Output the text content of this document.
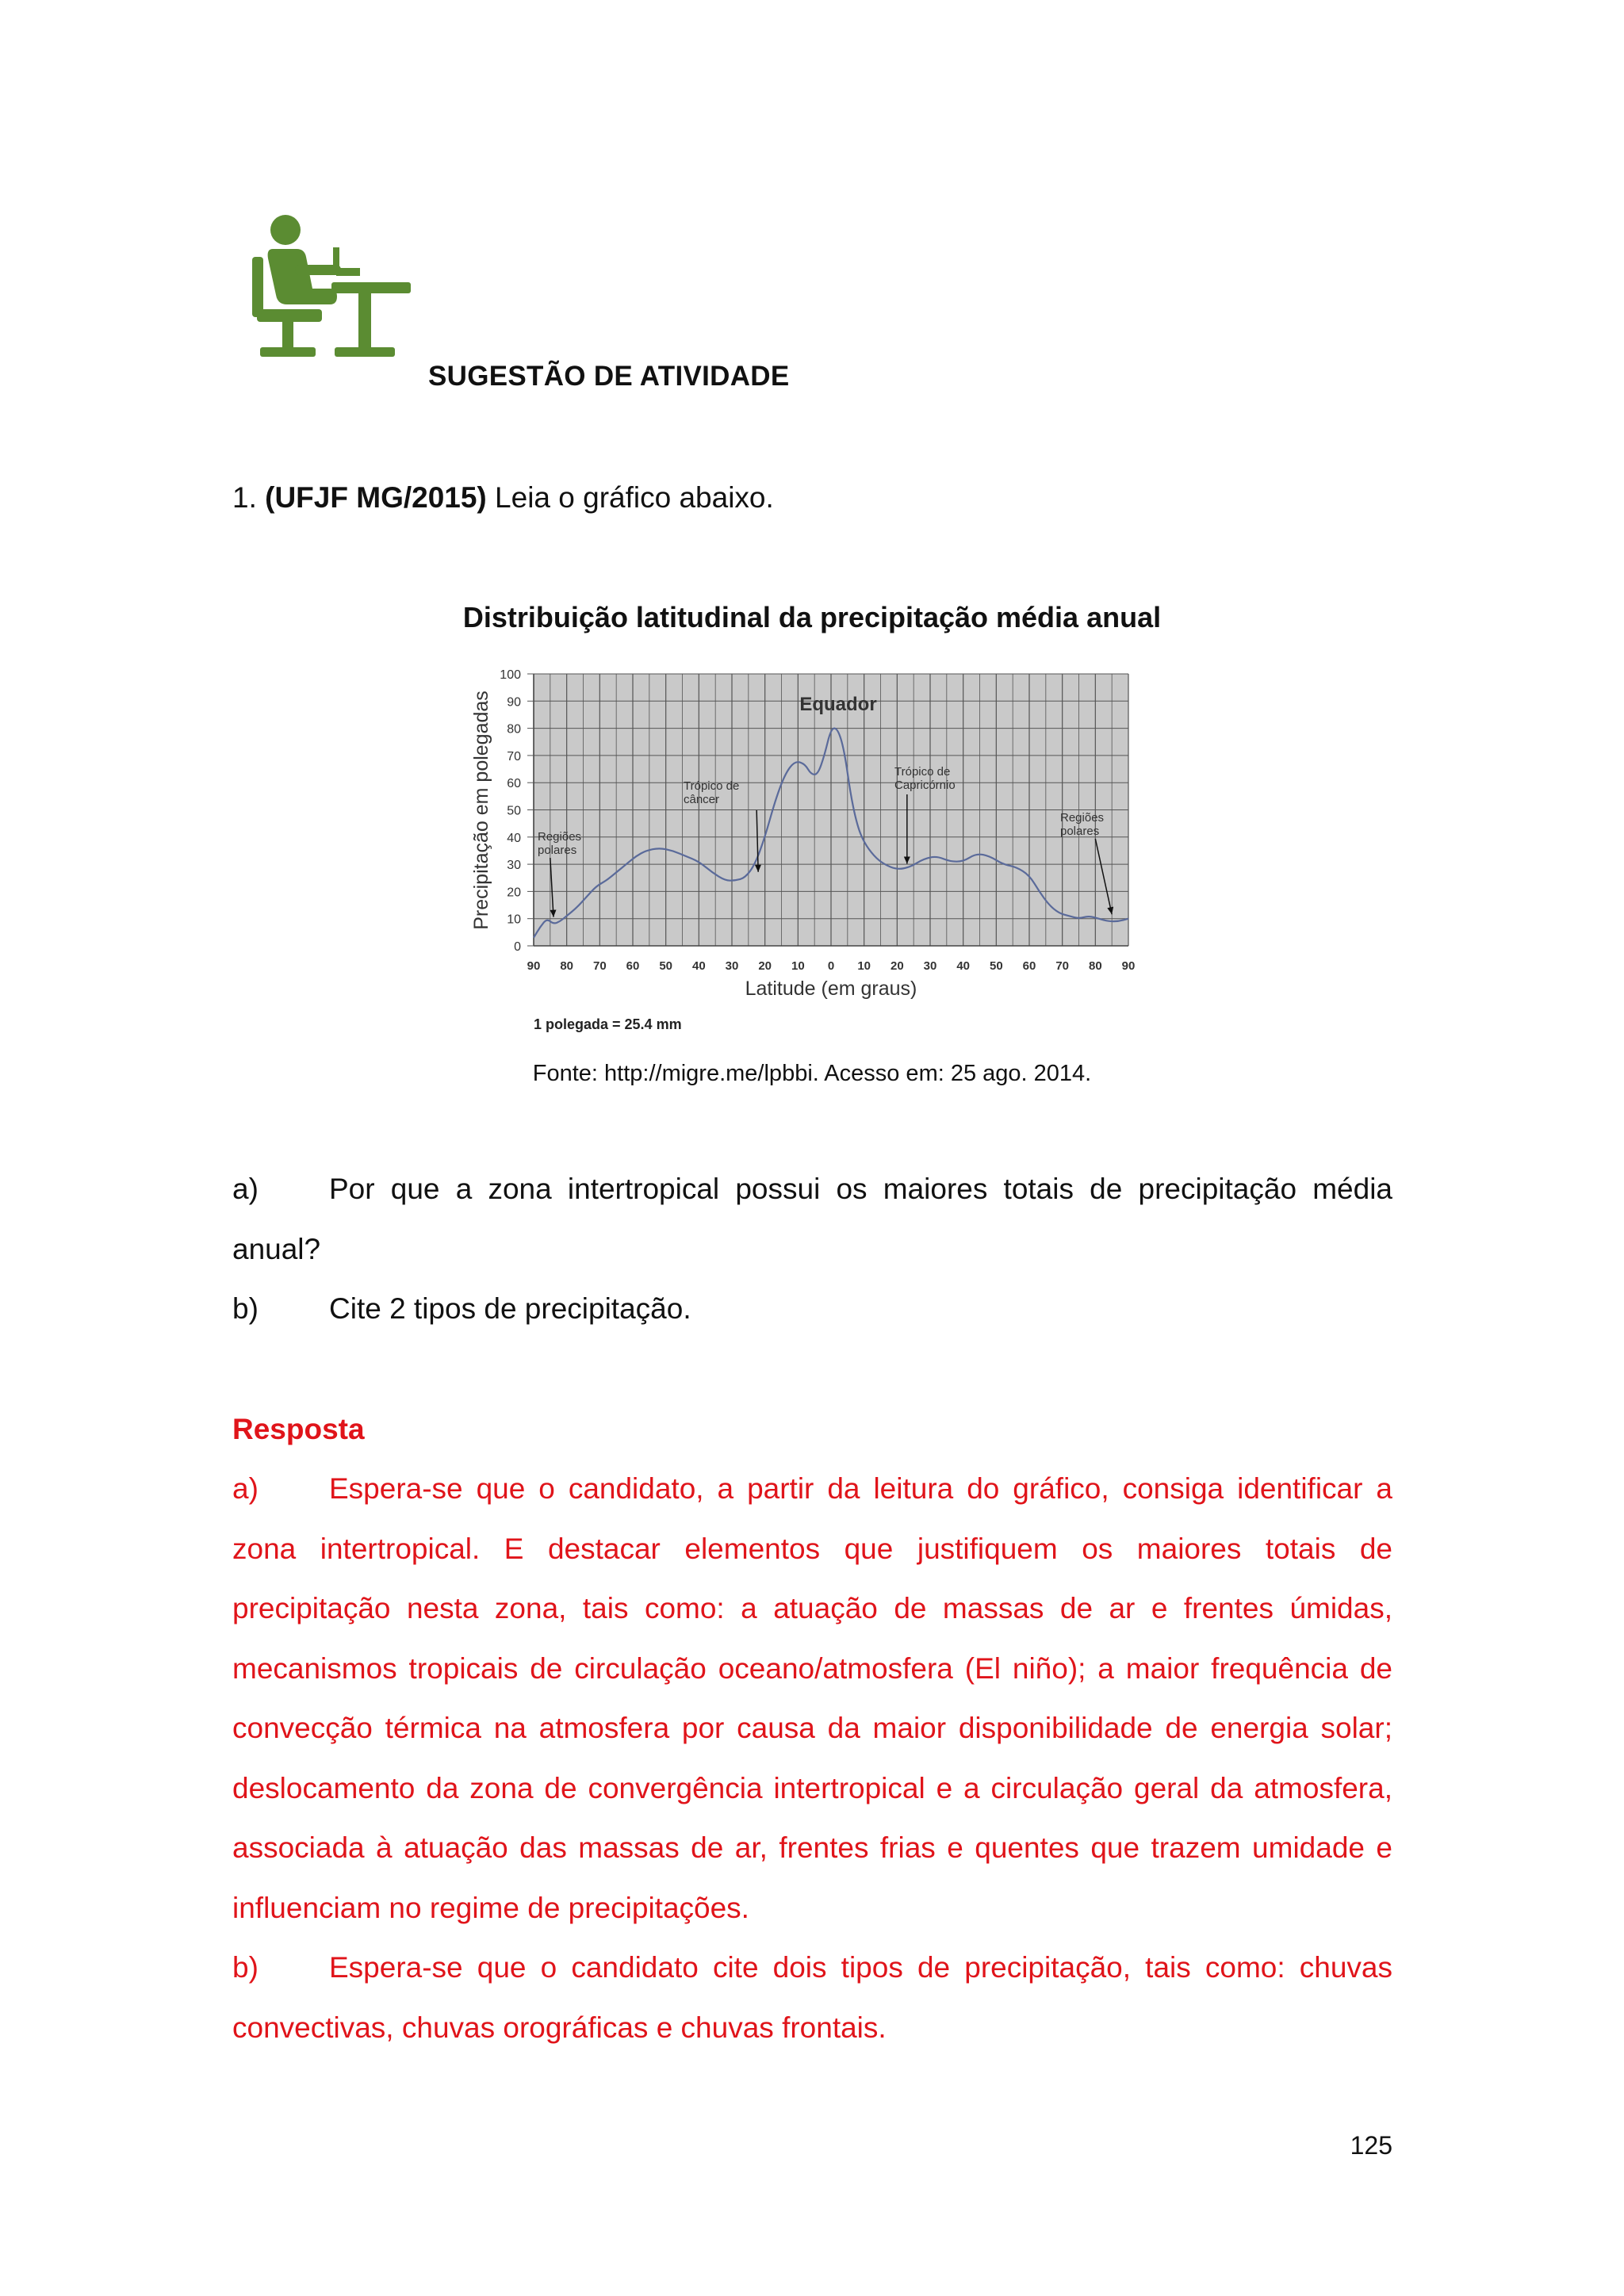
SUGESTÃO DE ATIVIDADE
1. (UFJF MG/2015) Leia o gráfico abaixo.
Distribuição latitudinal da precipitação média anual
0
10
20
30
40
50
60
70
80
90
100
90 80 70 60 50 40 30 20 10 0 10 20 30 40 50 60 70 80 90
Precipitação em polegadas
Latitude (em graus)
1 polegada = 25.4 mm
Equador
Trópico de
câncer
Trópico de
Capricórnio
Regiões
polares
Regiões
polares
Fonte: http://migre.me/lpbbi. Acesso em: 25 ago. 2014.
a) Por que a zona intertropical possui os maiores totais de precipitação média anual?
b) Cite 2 tipos de precipitação.
Resposta
a) Espera-se que o candidato, a partir da leitura do gráfico, consiga identificar a zona intertropical. E destacar elementos que justifiquem os maiores totais de precipitação nesta zona, tais como: a atuação de massas de ar e frentes úmidas, mecanismos tropicais de circulação oceano/atmosfera (El niño); a maior frequência de convecção térmica na atmosfera por causa da maior disponibilidade de energia solar; deslocamento da zona de convergência intertropical e a circulação geral da atmosfera, associada à atuação das massas de ar, frentes frias e quentes que trazem umidade e influenciam no regime de precipitações.
b) Espera-se que o candidato cite dois tipos de precipitação, tais como: chuvas convectivas, chuvas orográficas e chuvas frontais.
125
